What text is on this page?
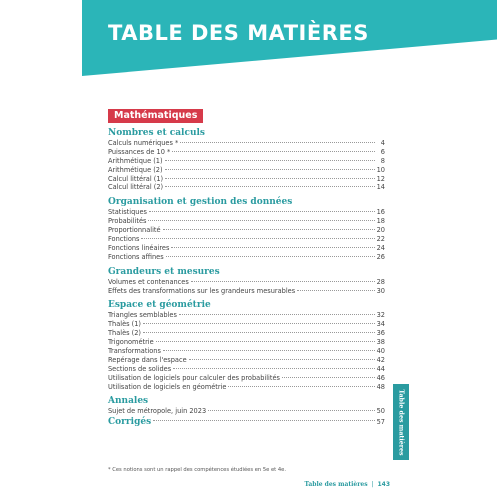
TABLE DES MATIÈRES
Mathématiques
Nombres et calculs
Calculs numériques *	4
Puissances de 10 *	6
Arithmétique (1)	8
Arithmétique (2)	10
Calcul littéral (1)	12
Calcul littéral (2)	14
Organisation et gestion des données
Statistiques	16
Probabilités	18
Proportionnalité	20
Fonctions	22
Fonctions linéaires	24
Fonctions affines	26
Grandeurs et mesures
Volumes et contenances	28
Effets des transformations sur les grandeurs mesurables	30
Espace et géométrie
Triangles semblables	32
Thalès (1)	34
Thalès (2)	36
Trigonométrie	38
Transformations	40
Repérage dans l'espace	42
Sections de solides	44
Utilisation de logiciels pour calculer des probabilités	46
Utilisation de logiciels en géométrie	48
Annales
Sujet de métropole, juin 2023	50
Corrigés	57 Table des matières
* Ces notions sont un rappel des compétences étudiées en 5e et 4e.
Table des matières | 143
